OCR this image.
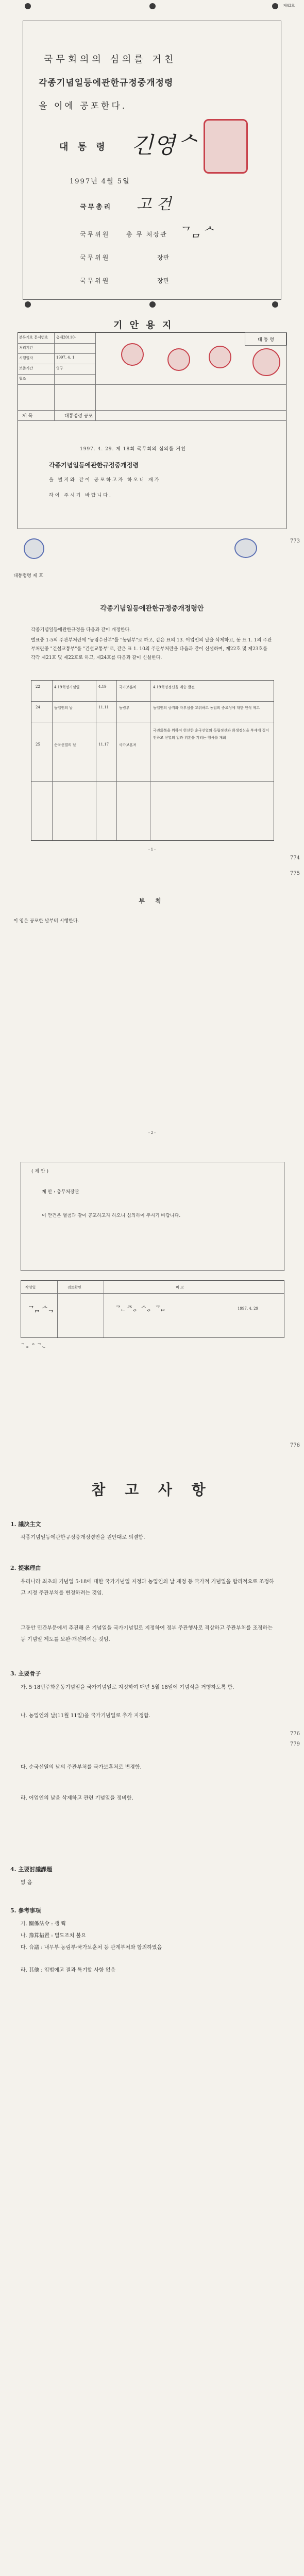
제43호
국무회의의 심의를 거친
각종기념일등에관한규정중개정령
을 이에 공포한다.
대 통 령 긴영ᄉ
1997년 4월 5일
국무총리 고 건
국무위원	총 무 처장관 ᄀᆷᄉ
국무위원	장관
국무위원	장관
기 안 용 지
대 통 령
분류기호 문서번호 총재20110-
처리기간
시행일자	1997. 4. 1
보존기간	영구
협조
제 목	대통령령 공포
1997. 4. 29. 제 18회 국무회의 심의를 거친
각종기념일등에관한규정중개정령
을 별지와 같이 공포하고자 하오니 재가
하여 주시기 바랍니다.
773
대통령령 제 호
각종기념일등에관한규정중개정령안
각종기념일등에관한규정을 다음과 같이 개정한다.
별표중 1-5의 주관부처란에 "농림수산부"를 "농림부"로 하고, 같은 표의 13. 어업인의 날을 삭제하고, 동 표 1. 1의 주관부처란중 "건설교통부"를 "건설교통부"로, 같은 표 1. 10의 주관부처란을 다음과 같이 신설하며, 제22호 및 제23호를 각각 제21호 및 제22호로 하고, 제24호를 다음과 같이 신설한다.
22	4·19혁명기념일	4.19	국가보훈처	4.19혁명정신을 계승·발전
24	농업인의 날	11.11	농림부	농업인의 긍지와 자부심을 고취하고 농업의 중요성에 대한 인식 제고
25	순국선열의 날	11.17	국가보훈처
국권회복을 위하여 헌신한 순국선열의 독립정신과 희생정신을 후세에 길이 전하고 선열의 얼과 위훈을 기리는 행사를 개최
- 1 -
774
775
부 칙
이 영은 공포한 날부터 시행한다.
- 2 -
( 제 안 )
제 안 : 총무처장관
이 안건은 별첨과 같이 공포하고자 하오니 심의하여 주시기 바랍니다.
작성일	검토확인	비 고
ᄀᆷᄉᆨ	ᄀᆫᄌᆼ ᄉᆼ ᄀᆸ	1997. 4. 29
ᄀᆼ ᄋ ᄀᆫ
776
참 고 사 항
1. 議決主文
각종기념일등에관한규정중개정령안을 원안대로 의결함.
2. 提案理由
우리나라 최초의 기념일 5·18에 대한 국가기념일 지정과 농업인의 날 제정 등 국가적 기념일을 합리적으로 조정하고 지정 주관부처를 변경하려는 것임.
그동안 민간부문에서 추진해 온 기념일을 국가기념일로 지정하여 정부 주관행사로 격상하고 주관부처를 조정하는 등 기념일 제도를 보완·개선하려는 것임.
3. 主要骨子
가. 5·18민주화운동기념일을 국가기념일로 지정하여 매년 5월 18일에 기념식을 거행하도록 함.
나. 농업인의 날(11월 11일)을 국가기념일로 추가 지정함.
776
779
다. 순국선열의 날의 주관부처를 국가보훈처로 변경함.
라. 어업인의 날을 삭제하고 관련 기념일을 정비함.
4. 主要討議課題
없 음
5. 參考事項
가. 關係法令 : 생 략
나. 豫算措置 : 별도조치 불요
다. 合議 : 내무부·농림부·국가보훈처 등 관계부처와 합의하였음
라. 其他 : 입법예고 결과 특기할 사항 없음
